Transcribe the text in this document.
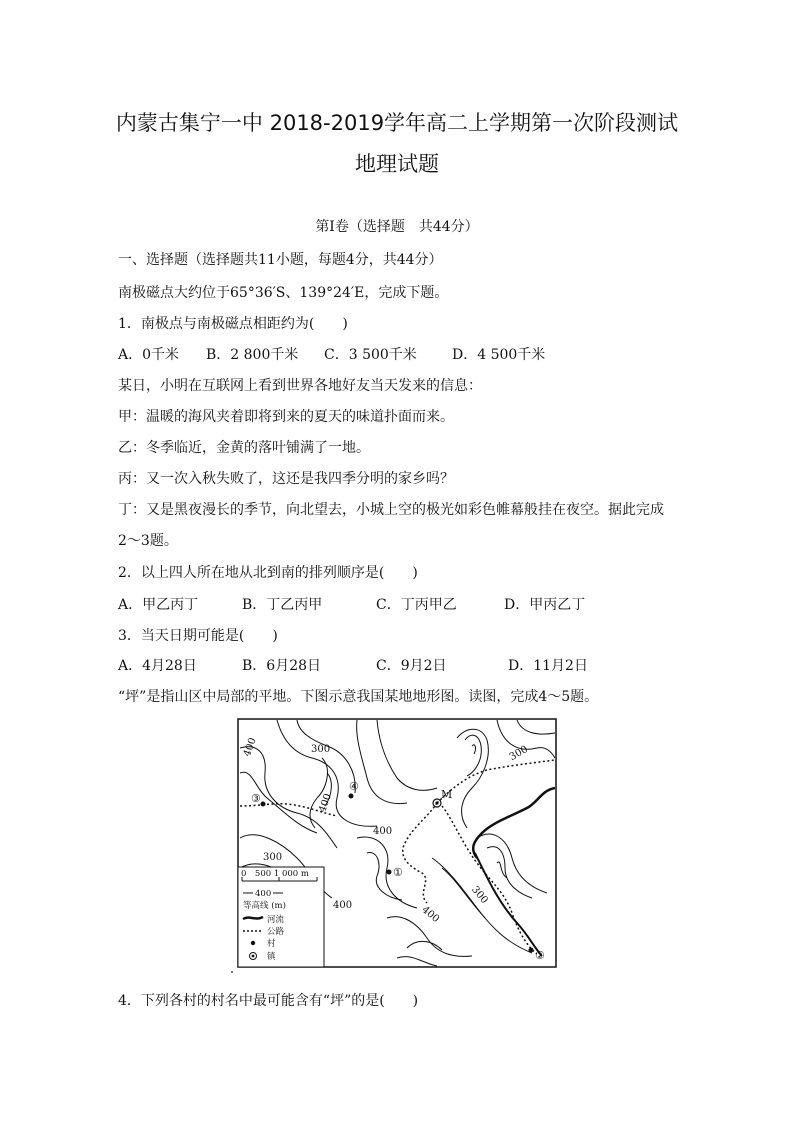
内蒙古集宁一中 2018-2019学年高二上学期第一次阶段测试
地理试题
第Ⅰ卷（选择题　共44分）
一、选择题（选择题共11小题，每题4分，共44分）
南极磁点大约位于65°36′S、139°24′E，完成下题。
1．南极点与南极磁点相距约为(　　)
A．0千米 B．2 800千米 C．3 500千米	D．4 500千米
某日，小明在互联网上看到世界各地好友当天发来的信息：
甲：温暖的海风夹着即将到来的夏天的味道扑面而来。
乙：冬季临近，金黄的落叶铺满了一地。
丙：又一次入秋失败了，这还是我四季分明的家乡吗？
丁：又是黑夜漫长的季节，向北望去，小城上空的极光如彩色帷幕般挂在夜空。据此完成
2～3题。
2．以上四人所在地从北到南的排列顺序是(　　)
A．甲乙丙丁	B．丁乙丙甲	C．丁丙甲乙	D．甲丙乙丁
3．当天日期可能是(　　)
A．4月28日	B．6月28日	C．9月2日	D．11月2日
“坪”是指山区中局部的平地。下图示意我国某地地形图。读图，完成4～5题。
400	300	300
400
400
300
400	300
400
③
④
M
①
②
0　500 1 000 m
400
等高线 (m)
河流
公路
村
镇
4．下列各村的村名中最可能含有“坪”的是(　　)
